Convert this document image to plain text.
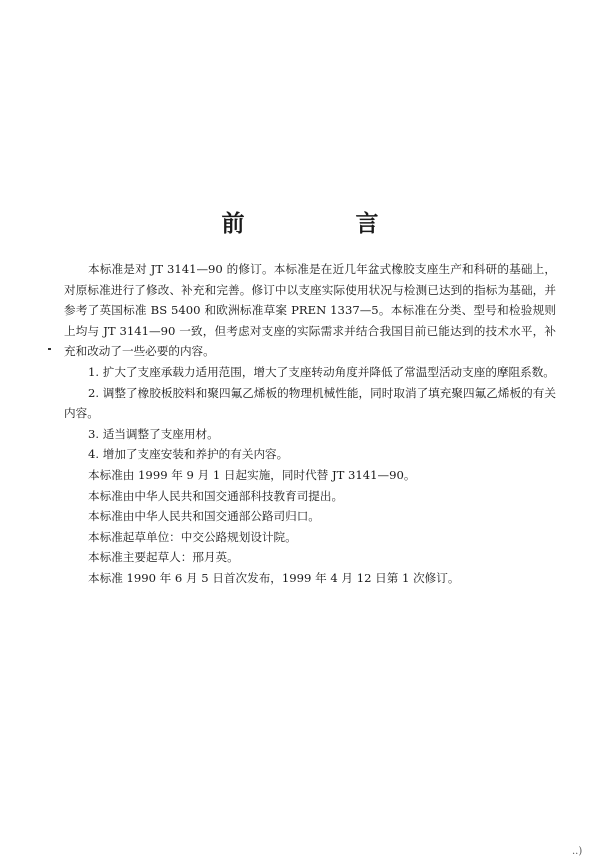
前　言

本标准是对 JT 3141—90 的修订。本标准是在近几年盆式橡胶支座生产和科研的基础上，对原标准进行了修改、补充和完善。修订中以支座实际使用状况与检测已达到的指标为基础，并参考了英国标准 BS 5400 和欧洲标准草案 PREN 1337—5。本标准在分类、型号和检验规则上均与 JT 3141—90 一致，但考虑对支座的实际需求并结合我国目前已能达到的技术水平，补充和改动了一些必要的内容。

1. 扩大了支座承载力适用范围，增大了支座转动角度并降低了常温型活动支座的摩阻系数。

2. 调整了橡胶板胶料和聚四氟乙烯板的物理机械性能，同时取消了填充聚四氟乙烯板的有关内容。

3. 适当调整了支座用材。

4. 增加了支座安装和养护的有关内容。

本标准由 1999 年 9 月 1 日起实施，同时代替 JT 3141—90。

本标准由中华人民共和国交通部科技教育司提出。

本标准由中华人民共和国交通部公路司归口。

本标准起草单位：中交公路规划设计院。

本标准主要起草人：邢月英。

本标准 1990 年 6 月 5 日首次发布，1999 年 4 月 12 日第 1 次修订。

..)
